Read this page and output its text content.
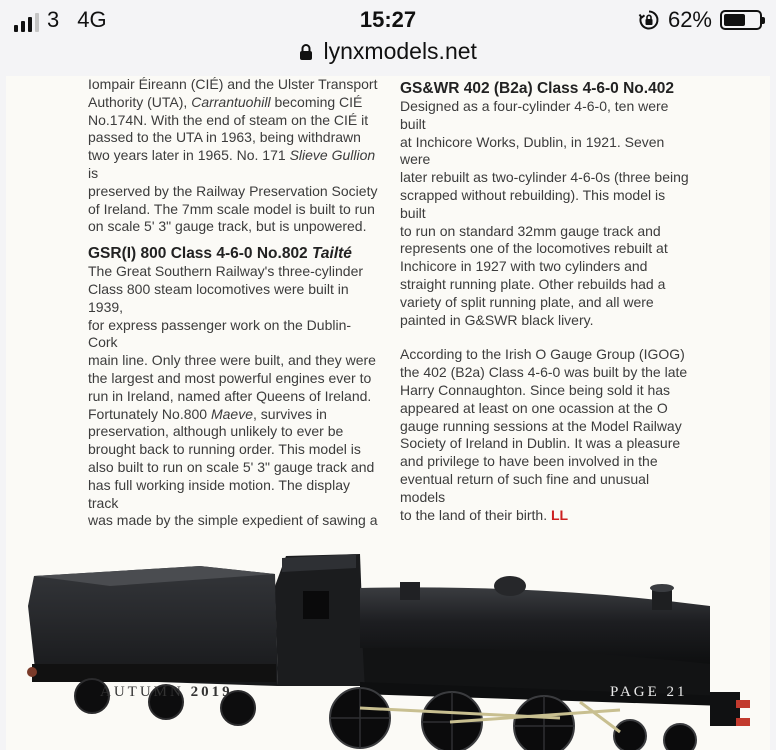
3 4G	15:27	62%
lynxmodels.net

Iompair Éireann (CIÉ) and the Ulster Transport
Authority (UTA), Carrantuohill becoming CIÉ
No.174N. With the end of steam on the CIÉ it
passed to the UTA in 1963, being withdrawn
two years later in 1965. No. 171 Slieve Gullion is
preserved by the Railway Preservation Society
of Ireland. The 7mm scale model is built to run
on scale 5' 3" gauge track, but is unpowered.

GSR(I) 800 Class 4-6-0 No.802 Tailté

The Great Southern Railway's three-cylinder
Class 800 steam locomotives were built in 1939,
for express passenger work on the Dublin-Cork
main line. Only three were built, and they were
the largest and most powerful engines ever to
run in Ireland, named after Queens of Ireland.
Fortunately No.800 Maeve, survives in
preservation, although unlikely to ever be
brought back to running order. This model is
also built to run on scale 5' 3" gauge track and
has full working inside motion. The display track
was made by the simple expedient of sawing a

GS&WR 402 (B2a) Class 4-6-0 No.402

Designed as a four-cylinder 4-6-0, ten were built
at Inchicore Works, Dublin, in 1921. Seven were
later rebuilt as two-cylinder 4-6-0s (three being
scrapped without rebuilding). This model is built
to run on standard 32mm gauge track and
represents one of the locomotives rebuilt at
Inchicore in 1927 with two cylinders and
straight running plate. Other rebuilds had a
variety of split running plate, and all were
painted in G&SWR black livery.

According to the Irish O Gauge Group (IGOG)
the 402 (B2a) Class 4-6-0 was built by the late
Harry Connaughton. Since being sold it has
appeared at least on one ocassion at the O
gauge running sessions at the Model Railway
Society of Ireland in Dublin. It was a pleasure
and privilege to have been involved in the
eventual return of such fine and unusual models
to the land of their birth. LL

AUTUMN 2019	PAGE 21
